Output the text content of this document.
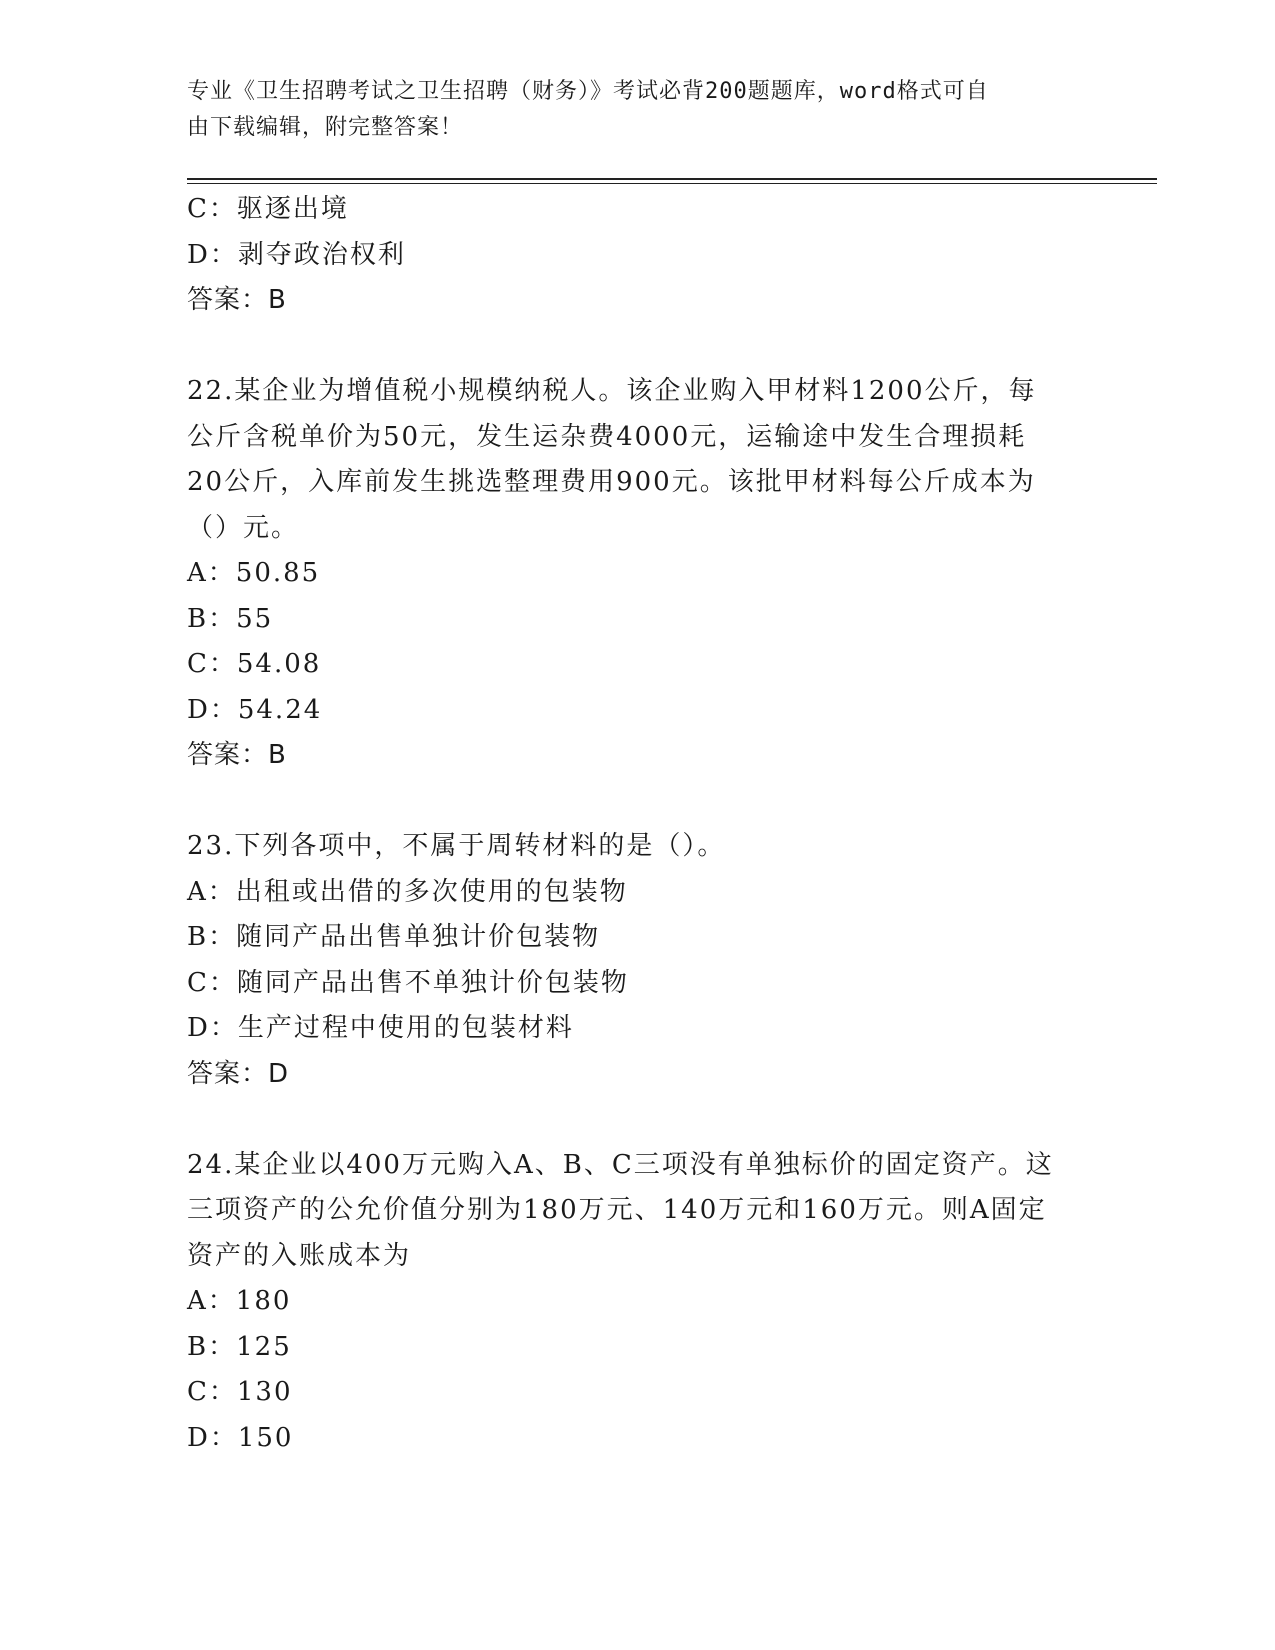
专业《卫生招聘考试之卫生招聘（财务）》考试必背200题题库，word格式可自
由下载编辑，附完整答案！
C：驱逐出境
D：剥夺政治权利
答案：B
22.某企业为增值税小规模纳税人。该企业购入甲材料1200公斤，每
公斤含税单价为50元，发生运杂费4000元，运输途中发生合理损耗
20公斤，入库前发生挑选整理费用900元。该批甲材料每公斤成本为
（）元。
A：50.85
B：55
C：54.08
D：54.24
答案：B
23.下列各项中，不属于周转材料的是（）。
A：出租或出借的多次使用的包装物
B：随同产品出售单独计价包装物
C：随同产品出售不单独计价包装物
D：生产过程中使用的包装材料
答案：D
24.某企业以400万元购入A、B、C三项没有单独标价的固定资产。这
三项资产的公允价值分别为180万元、140万元和160万元。则A固定
资产的入账成本为
A：180
B：125
C：130
D：150
